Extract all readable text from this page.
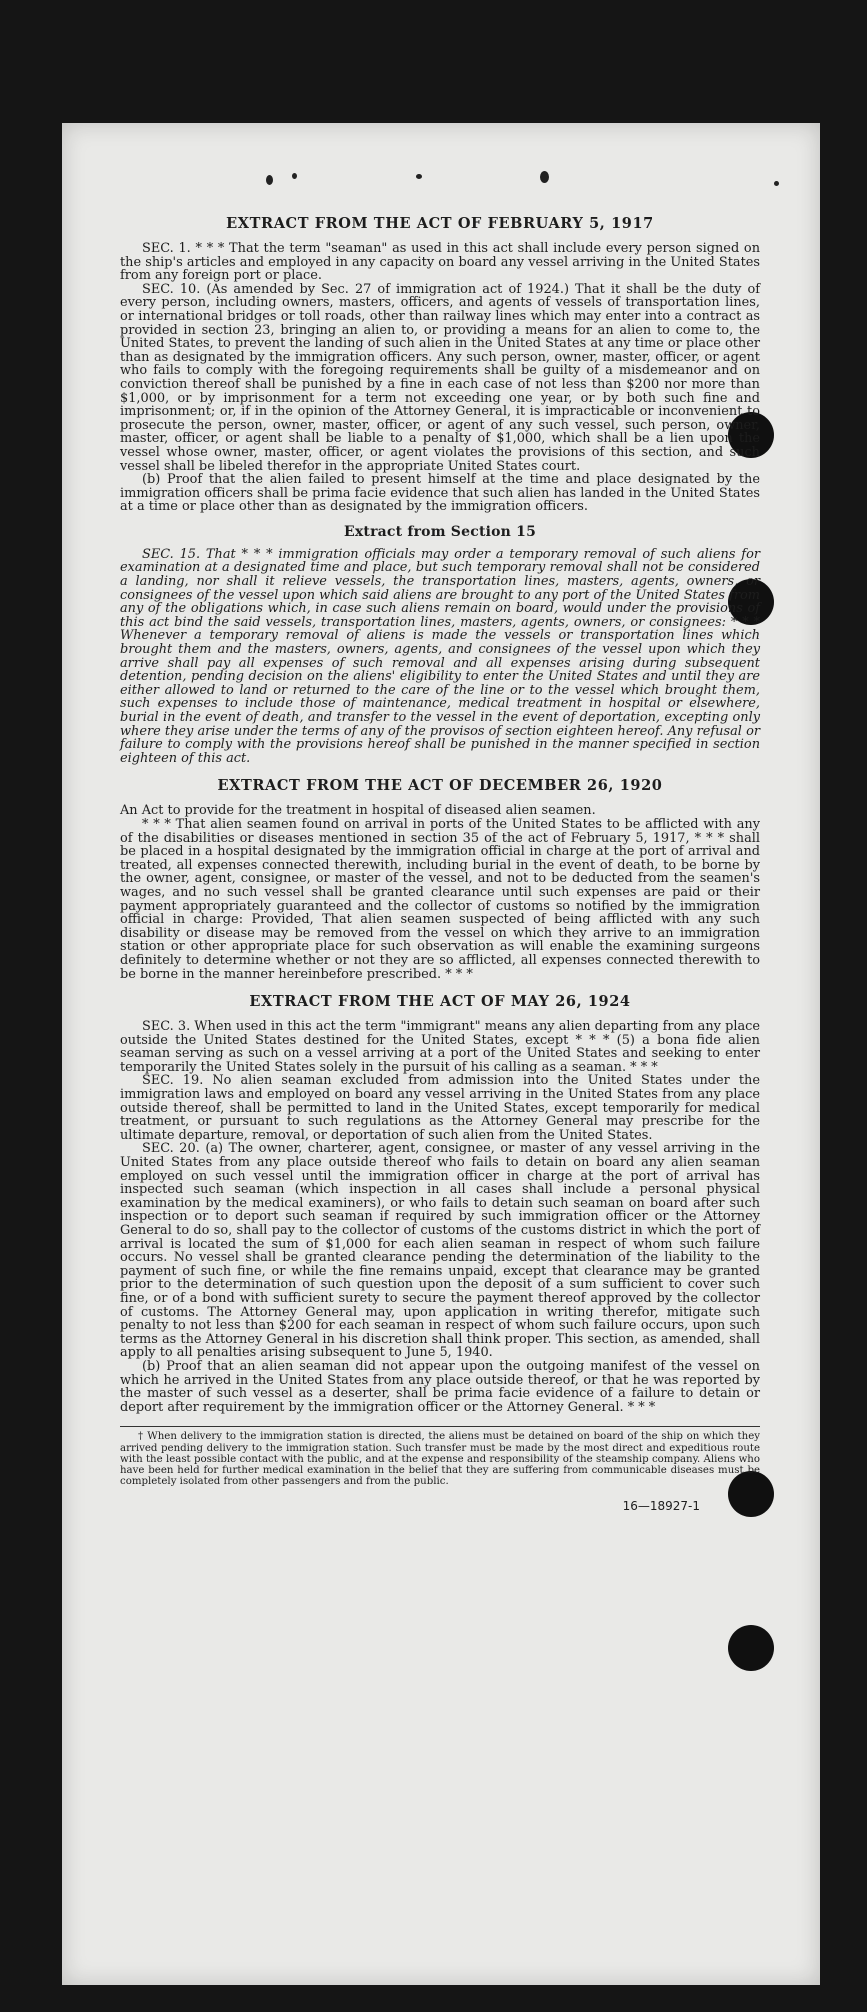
EXTRACT FROM THE ACT OF FEBRUARY 5, 1917

SEC. 1. * * * That the term "seaman" as used in this act shall include every person signed on the ship's articles and employed in any capacity on board any vessel arriving in the United States from any foreign port or place.

SEC. 10. (As amended by Sec. 27 of immigration act of 1924.) That it shall be the duty of every person, including owners, masters, officers, and agents of vessels of transportation lines, or international bridges or toll roads, other than railway lines which may enter into a contract as provided in section 23, bringing an alien to, or providing a means for an alien to come to, the United States, to prevent the landing of such alien in the United States at any time or place other than as designated by the immigration officers. Any such person, owner, master, officer, or agent who fails to comply with the foregoing requirements shall be guilty of a misdemeanor and on conviction thereof shall be punished by a fine in each case of not less than $200 nor more than $1,000, or by imprisonment for a term not exceeding one year, or by both such fine and imprisonment; or, if in the opinion of the Attorney General, it is impracticable or inconvenient to prosecute the person, owner, master, officer, or agent of any such vessel, such person, owner, master, officer, or agent shall be liable to a penalty of $1,000, which shall be a lien upon the vessel whose owner, master, officer, or agent violates the provisions of this section, and such vessel shall be libeled therefor in the appropriate United States court.

(b) Proof that the alien failed to present himself at the time and place designated by the immigration officers shall be prima facie evidence that such alien has landed in the United States at a time or place other than as designated by the immigration officers.

Extract from Section 15

SEC. 15. That * * * immigration officials may order a temporary removal of such aliens for examination at a designated time and place, but such temporary removal shall not be considered a landing, nor shall it relieve vessels, the transportation lines, masters, agents, owners, or consignees of the vessel upon which said aliens are brought to any port of the United States from any of the obligations which, in case such aliens remain on board, would under the provisions of this act bind the said vessels, transportation lines, masters, agents, owners, or consignees: * * * Whenever a temporary removal of aliens is made the vessels or transportation lines which brought them and the masters, owners, agents, and consignees of the vessel upon which they arrive shall pay all expenses of such removal and all expenses arising during subsequent detention, pending decision on the aliens' eligibility to enter the United States and until they are either allowed to land or returned to the care of the line or to the vessel which brought them, such expenses to include those of maintenance, medical treatment in hospital or elsewhere, burial in the event of death, and transfer to the vessel in the event of deportation, excepting only where they arise under the terms of any of the provisos of section eighteen hereof. Any refusal or failure to comply with the provisions hereof shall be punished in the manner specified in section eighteen of this act.

EXTRACT FROM THE ACT OF DECEMBER 26, 1920

An Act to provide for the treatment in hospital of diseased alien seamen.

* * * That alien seamen found on arrival in ports of the United States to be afflicted with any of the disabilities or diseases mentioned in section 35 of the act of February 5, 1917, * * * shall be placed in a hospital designated by the immigration official in charge at the port of arrival and treated, all expenses connected therewith, including burial in the event of death, to be borne by the owner, agent, consignee, or master of the vessel, and not to be deducted from the seamen's wages, and no such vessel shall be granted clearance until such expenses are paid or their payment appropriately guaranteed and the collector of customs so notified by the immigration official in charge: Provided, That alien seamen suspected of being afflicted with any such disability or disease may be removed from the vessel on which they arrive to an immigration station or other appropriate place for such observation as will enable the examining surgeons definitely to determine whether or not they are so afflicted, all expenses connected therewith to be borne in the manner hereinbefore prescribed. * * *

EXTRACT FROM THE ACT OF MAY 26, 1924

SEC. 3. When used in this act the term "immigrant" means any alien departing from any place outside the United States destined for the United States, except * * * (5) a bona fide alien seaman serving as such on a vessel arriving at a port of the United States and seeking to enter temporarily the United States solely in the pursuit of his calling as a seaman. * * *

SEC. 19. No alien seaman excluded from admission into the United States under the immigration laws and employed on board any vessel arriving in the United States from any place outside thereof, shall be permitted to land in the United States, except temporarily for medical treatment, or pursuant to such regulations as the Attorney General may prescribe for the ultimate departure, removal, or deportation of such alien from the United States.

SEC. 20. (a) The owner, charterer, agent, consignee, or master of any vessel arriving in the United States from any place outside thereof who fails to detain on board any alien seaman employed on such vessel until the immigration officer in charge at the port of arrival has inspected such seaman (which inspection in all cases shall include a personal physical examination by the medical examiners), or who fails to detain such seaman on board after such inspection or to deport such seaman if required by such immigration officer or the Attorney General to do so, shall pay to the collector of customs of the customs district in which the port of arrival is located the sum of $1,000 for each alien seaman in respect of whom such failure occurs. No vessel shall be granted clearance pending the determination of the liability to the payment of such fine, or while the fine remains unpaid, except that clearance may be granted prior to the determination of such question upon the deposit of a sum sufficient to cover such fine, or of a bond with sufficient surety to secure the payment thereof approved by the collector of customs. The Attorney General may, upon application in writing therefor, mitigate such penalty to not less than $200 for each seaman in respect of whom such failure occurs, upon such terms as the Attorney General in his discretion shall think proper. This section, as amended, shall apply to all penalties arising subsequent to June 5, 1940.

(b) Proof that an alien seaman did not appear upon the outgoing manifest of the vessel on which he arrived in the United States from any place outside thereof, or that he was reported by the master of such vessel as a deserter, shall be prima facie evidence of a failure to detain or deport after requirement by the immigration officer or the Attorney General. * * *

† When delivery to the immigration station is directed, the aliens must be detained on board of the ship on which they arrived pending delivery to the immigration station. Such transfer must be made by the most direct and expeditious route with the least possible contact with the public, and at the expense and responsibility of the steamship company. Aliens who have been held for further medical examination in the belief that they are suffering from communicable diseases must be completely isolated from other passengers and from the public.

16—18927-1
